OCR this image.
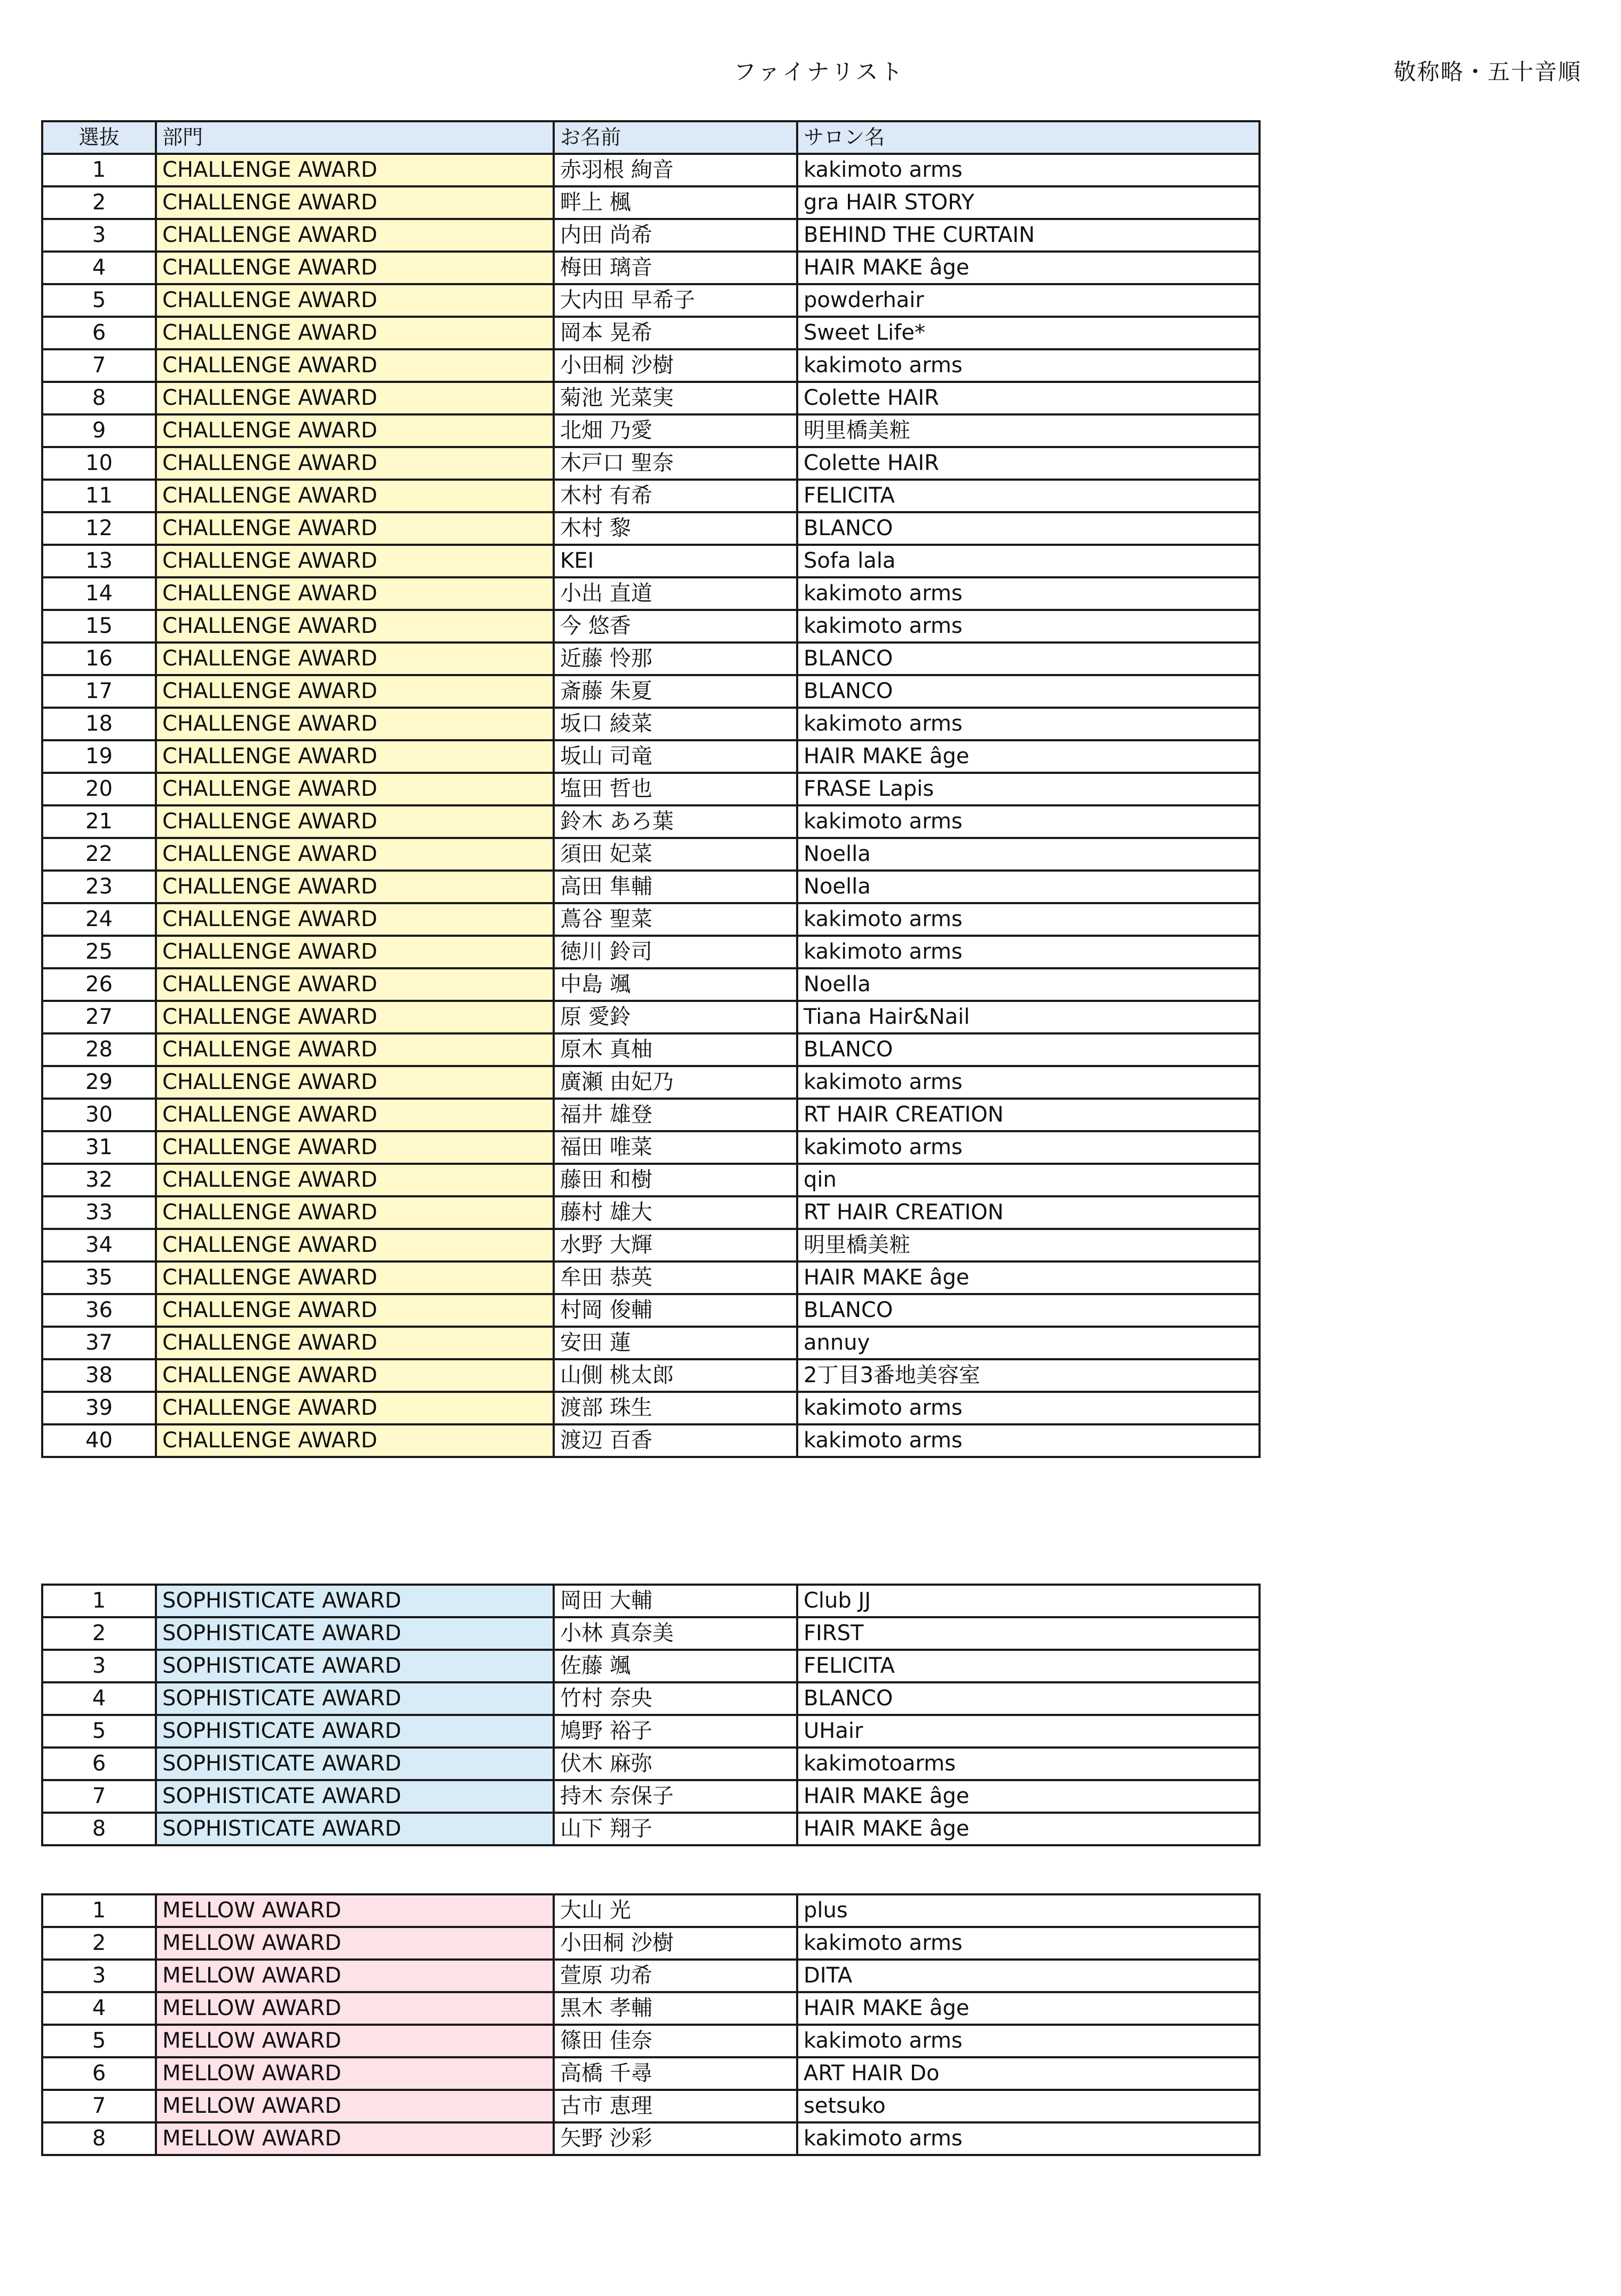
ファイナリスト	敬称略・五十音順
選抜	部門	お名前	サロン名
1	CHALLENGE AWARD	赤羽根 絢音	kakimoto arms
2	CHALLENGE AWARD	畔上 楓	gra HAIR STORY
3	CHALLENGE AWARD	内田 尚希	BEHIND THE CURTAIN
4	CHALLENGE AWARD	梅田 璃音	HAIR MAKE âge
5	CHALLENGE AWARD	大内田 早希子	powderhair
6	CHALLENGE AWARD	岡本 晃希	Sweet Life*
7	CHALLENGE AWARD	小田桐 沙樹	kakimoto arms
8	CHALLENGE AWARD	菊池 光菜実	Colette HAIR
9	CHALLENGE AWARD	北畑 乃愛	明里橋美粧
10	CHALLENGE AWARD	木戸口 聖奈	Colette HAIR
11	CHALLENGE AWARD	木村 有希	FELICITA
12	CHALLENGE AWARD	木村 黎	BLANCO
13	CHALLENGE AWARD	KEI	Sofa lala
14	CHALLENGE AWARD	小出 直道	kakimoto arms
15	CHALLENGE AWARD	今 悠香	kakimoto arms
16	CHALLENGE AWARD	近藤 怜那	BLANCO
17	CHALLENGE AWARD	斎藤 朱夏	BLANCO
18	CHALLENGE AWARD	坂口 綾菜	kakimoto arms
19	CHALLENGE AWARD	坂山 司竜	HAIR MAKE âge
20	CHALLENGE AWARD	塩田 哲也	FRASE Lapis
21	CHALLENGE AWARD	鈴木 あろ葉	kakimoto arms
22	CHALLENGE AWARD	須田 妃菜	Noella
23	CHALLENGE AWARD	高田 隼輔	Noella
24	CHALLENGE AWARD	蔦谷 聖菜	kakimoto arms
25	CHALLENGE AWARD	徳川 鈴司	kakimoto arms
26	CHALLENGE AWARD	中島 颯	Noella
27	CHALLENGE AWARD	原 愛鈴	Tiana Hair&Nail
28	CHALLENGE AWARD	原木 真柚	BLANCO
29	CHALLENGE AWARD	廣瀬 由妃乃	kakimoto arms
30	CHALLENGE AWARD	福井 雄登	RT HAIR CREATION
31	CHALLENGE AWARD	福田 唯菜	kakimoto arms
32	CHALLENGE AWARD	藤田 和樹	qin
33	CHALLENGE AWARD	藤村 雄大	RT HAIR CREATION
34	CHALLENGE AWARD	水野 大輝	明里橋美粧
35	CHALLENGE AWARD	牟田 恭英	HAIR MAKE âge
36	CHALLENGE AWARD	村岡 俊輔	BLANCO
37	CHALLENGE AWARD	安田 蓮	annuy
38	CHALLENGE AWARD	山側 桃太郎	2丁目3番地美容室
39	CHALLENGE AWARD	渡部 珠生	kakimoto arms
40	CHALLENGE AWARD	渡辺 百香	kakimoto arms
1	SOPHISTICATE AWARD	岡田 大輔	Club JJ
2	SOPHISTICATE AWARD	小林 真奈美	FIRST
3	SOPHISTICATE AWARD	佐藤 颯	FELICITA
4	SOPHISTICATE AWARD	竹村 奈央	BLANCO
5	SOPHISTICATE AWARD	鳩野 裕子	UHair
6	SOPHISTICATE AWARD	伏木 麻弥	kakimotoarms
7	SOPHISTICATE AWARD	持木 奈保子	HAIR MAKE âge
8	SOPHISTICATE AWARD	山下 翔子	HAIR MAKE âge
1	MELLOW AWARD	大山 光	plus
2	MELLOW AWARD	小田桐 沙樹	kakimoto arms
3	MELLOW AWARD	萱原 功希	DITA
4	MELLOW AWARD	黒木 孝輔	HAIR MAKE âge
5	MELLOW AWARD	篠田 佳奈	kakimoto arms
6	MELLOW AWARD	高橋 千尋	ART HAIR Do
7	MELLOW AWARD	古市 恵理	setsuko
8	MELLOW AWARD	矢野 沙彩	kakimoto arms
